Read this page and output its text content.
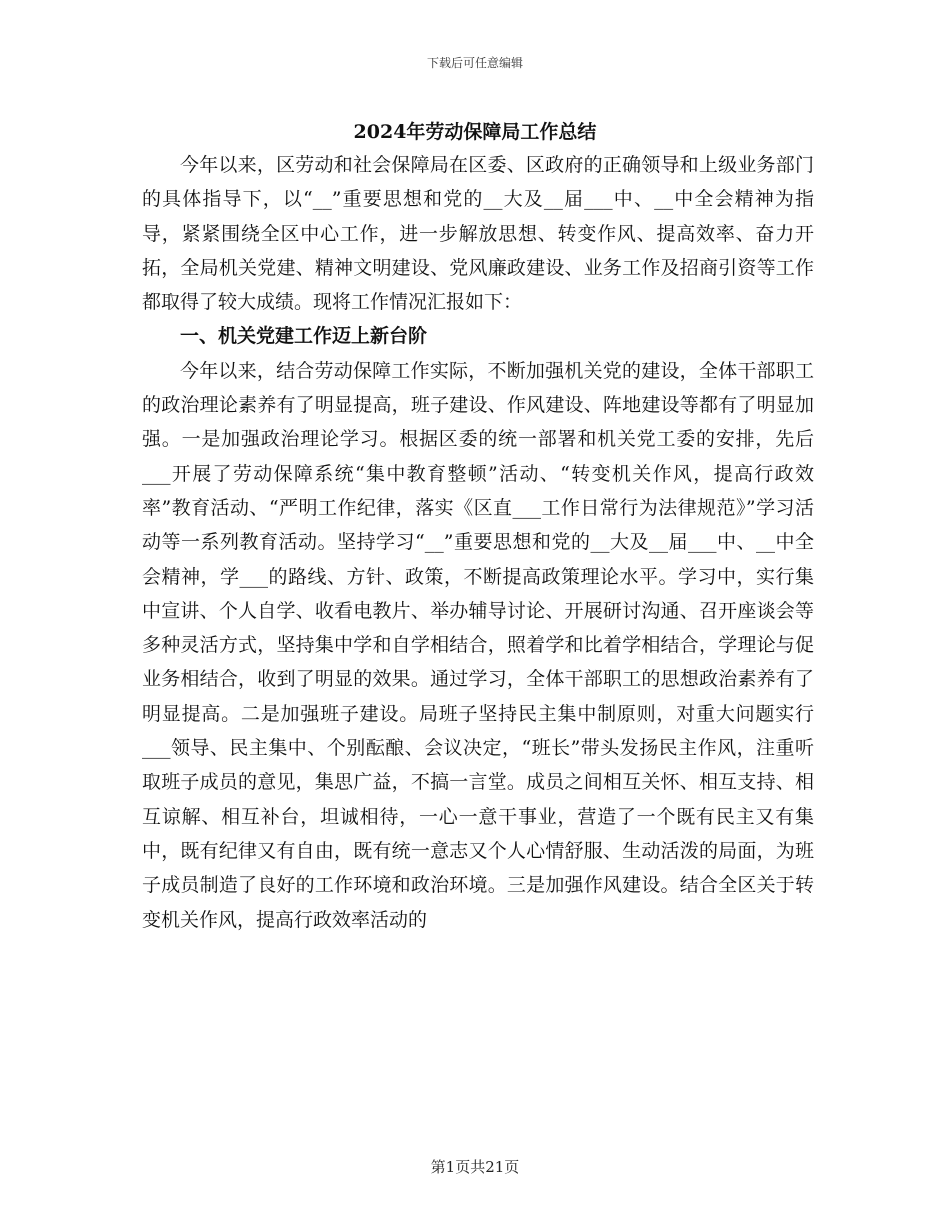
下载后可任意编辑
2024年劳动保障局工作总结

今年以来，区劳动和社会保障局在区委、区政府的正确领导和上级业务部门的具体指导下，以“__”重要思想和党的__大及__届___中、__中全会精神为指导，紧紧围绕全区中心工作，进一步解放思想、转变作风、提高效率、奋力开拓，全局机关党建、精神文明建设、党风廉政建设、业务工作及招商引资等工作都取得了较大成绩。现将工作情况汇报如下：

一、机关党建工作迈上新台阶

今年以来，结合劳动保障工作实际，不断加强机关党的建设，全体干部职工的政治理论素养有了明显提高，班子建设、作风建设、阵地建设等都有了明显加强。一是加强政治理论学习。根据区委的统一部署和机关党工委的安排，先后___开展了劳动保障系统“集中教育整顿”活动、“转变机关作风，提高行政效率”教育活动、“严明工作纪律，落实《区直___工作日常行为法律规范》”学习活动等一系列教育活动。坚持学习“__”重要思想和党的__大及__届___中、__中全会精神，学___的路线、方针、政策，不断提高政策理论水平。学习中，实行集中宣讲、个人自学、收看电教片、举办辅导讨论、开展研讨沟通、召开座谈会等多种灵活方式，坚持集中学和自学相结合，照着学和比着学相结合，学理论与促业务相结合，收到了明显的效果。通过学习，全体干部职工的思想政治素养有了明显提高。二是加强班子建设。局班子坚持民主集中制原则，对重大问题实行___领导、民主集中、个别酝酿、会议决定，“班长”带头发扬民主作风，注重听取班子成员的意见，集思广益，不搞一言堂。成员之间相互关怀、相互支持、相互谅解、相互补台，坦诚相待，一心一意干事业，营造了一个既有民主又有集中，既有纪律又有自由，既有统一意志又个人心情舒服、生动活泼的局面，为班子成员制造了良好的工作环境和政治环境。三是加强作风建设。结合全区关于转变机关作风，提高行政效率活动的

第1页共21页
